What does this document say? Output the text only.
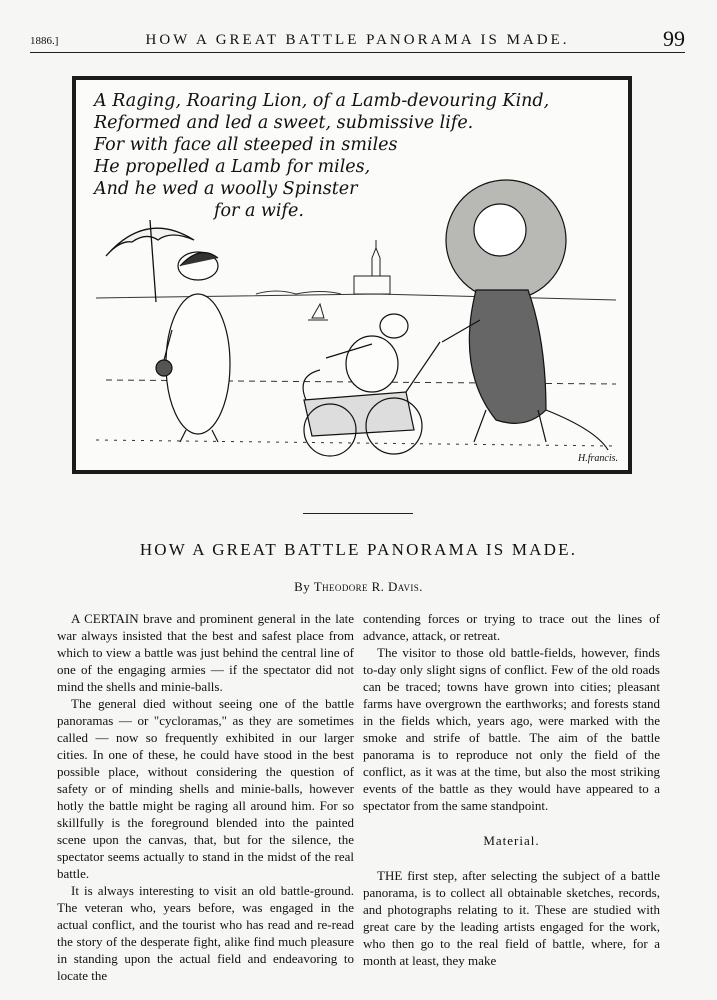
1886.]	HOW A GREAT BATTLE PANORAMA IS MADE.	99
A Raging, Roaring Lion, of a Lamb-devouring Kind,
Reformed and led a sweet, submissive life.
For with face all steeped in smiles
He propelled a Lamb for miles,
And he wed a woolly Spinster
for a wife.
H.francis.
HOW A GREAT BATTLE PANORAMA IS MADE.
By Theodore R. Davis.

A CERTAIN brave and prominent general in the late war always insisted that the best and safest place from which to view a battle was just behind the central line of one of the engaging armies — if the spectator did not mind the shells and minie-balls.

The general died without seeing one of the battle panoramas — or "cycloramas," as they are sometimes called — now so frequently exhibited in our larger cities. In one of these, he could have stood in the best possible place, without considering the question of safety or of minding shells and minie-balls, however hotly the battle might be raging all around him. For so skillfully is the foreground blended into the painted scene upon the canvas, that, but for the silence, the spectator seems actually to stand in the midst of the real battle.

It is always interesting to visit an old battle-ground. The veteran who, years before, was engaged in the actual conflict, and the tourist who has read and re-read the story of the desperate fight, alike find much pleasure in standing upon the actual field and endeavoring to locate the

contending forces or trying to trace out the lines of advance, attack, or retreat.

The visitor to those old battle-fields, however, finds to-day only slight signs of conflict. Few of the old roads can be traced; towns have grown into cities; pleasant farms have overgrown the earthworks; and forests stand in the fields which, years ago, were marked with the smoke and strife of battle. The aim of the battle panorama is to reproduce not only the field of the conflict, as it was at the time, but also the most striking events of the battle as they would have appeared to a spectator from the same standpoint.

Material.

THE first step, after selecting the subject of a battle panorama, is to collect all obtainable sketches, records, and photographs relating to it. These are studied with great care by the leading artists engaged for the work, who then go to the real field of battle, where, for a month at least, they make
